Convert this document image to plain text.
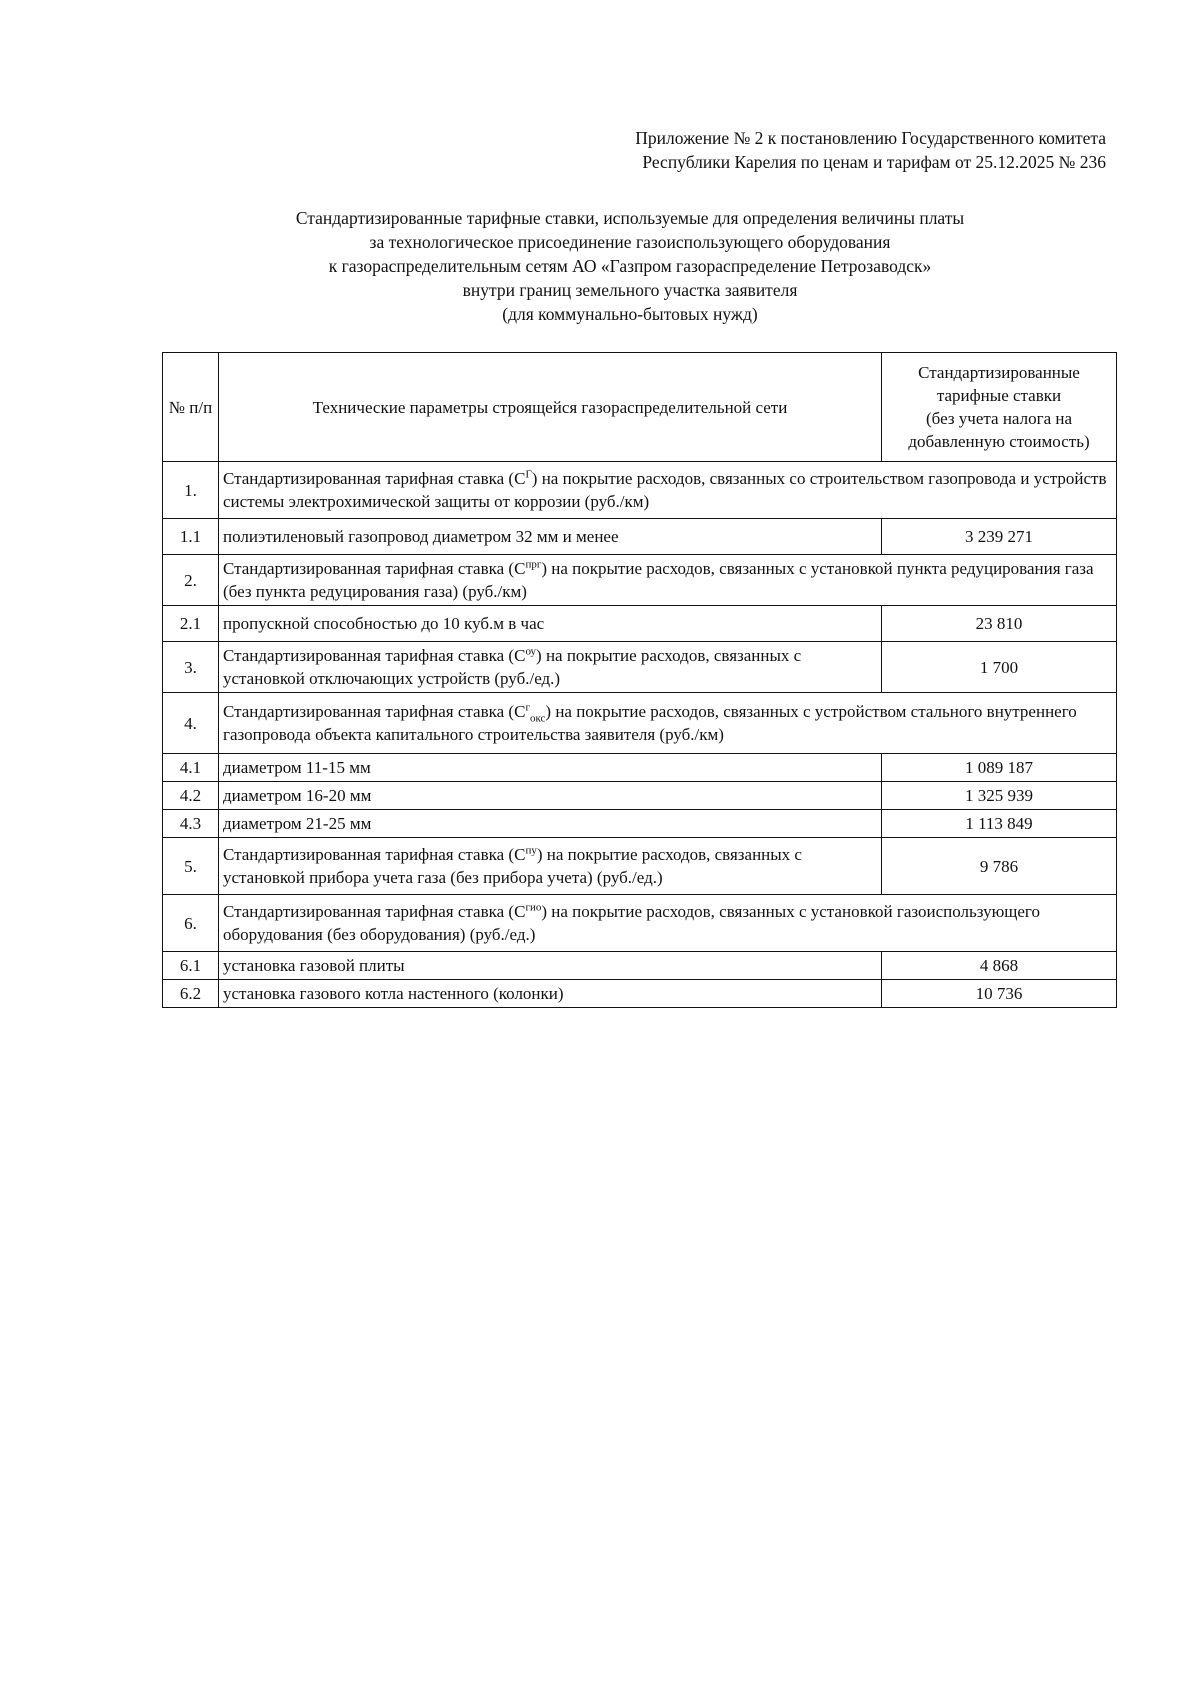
Приложение № 2 к постановлению Государственного комитета
Республики Карелия по ценам и тарифам от 25.12.2025 № 236
Стандартизированные тарифные ставки, используемые для определения величины платы
за технологическое присоединение газоиспользующего оборудования
к газораспределительным сетям АО «Газпром газораспределение Петрозаводск»
внутри границ земельного участка заявителя
(для коммунально-бытовых нужд)
№ п/п	Технические параметры строящейся газораспределительной сети	Стандартизированные
тарифные ставки
(без учета налога на
добавленную стоимость)

1.	Стандартизированная тарифная ставка $(С^Г)$ на покрытие расходов, связанных со строительством газопровода и устройств системы электрохимической защиты от коррозии (руб./км)	
1.1	полиэтиленовый газопровод диаметром 32 мм и менее	3 239 271
2.	Стандартизированная тарифная ставка $(С^{прг})$ на покрытие расходов, связанных с установкой пункта редуцирования газа (без пункта редуцирования газа) (руб./км)	
2.1	пропускной способностью до 10 куб.м в час	23 810
3.	Стандартизированная тарифная ставка $(С^{оу})$ на покрытие расходов, связанных с установкой отключающих устройств (руб./ед.)	1 700
4.	Стандартизированная тарифная ставка $(С^г_{окс})$ на покрытие расходов, связанных с устройством стального внутреннего газопровода объекта капитального строительства заявителя (руб./км)	
4.1	диаметром 11-15 мм	1 089 187
4.2	диаметром 16-20 мм	1 325 939
4.3	диаметром 21-25 мм	1 113 849
5.	Стандартизированная тарифная ставка $(С^{пу})$ на покрытие расходов, связанных с установкой прибора учета газа (без прибора учета) (руб./ед.)	9 786
6.	Стандартизированная тарифная ставка $(С^{гио})$ на покрытие расходов, связанных с установкой газоиспользующего оборудования (без оборудования) (руб./ед.)	
6.1	установка газовой плиты	4 868
6.2	установка газового котла настенного (колонки)	10 736
